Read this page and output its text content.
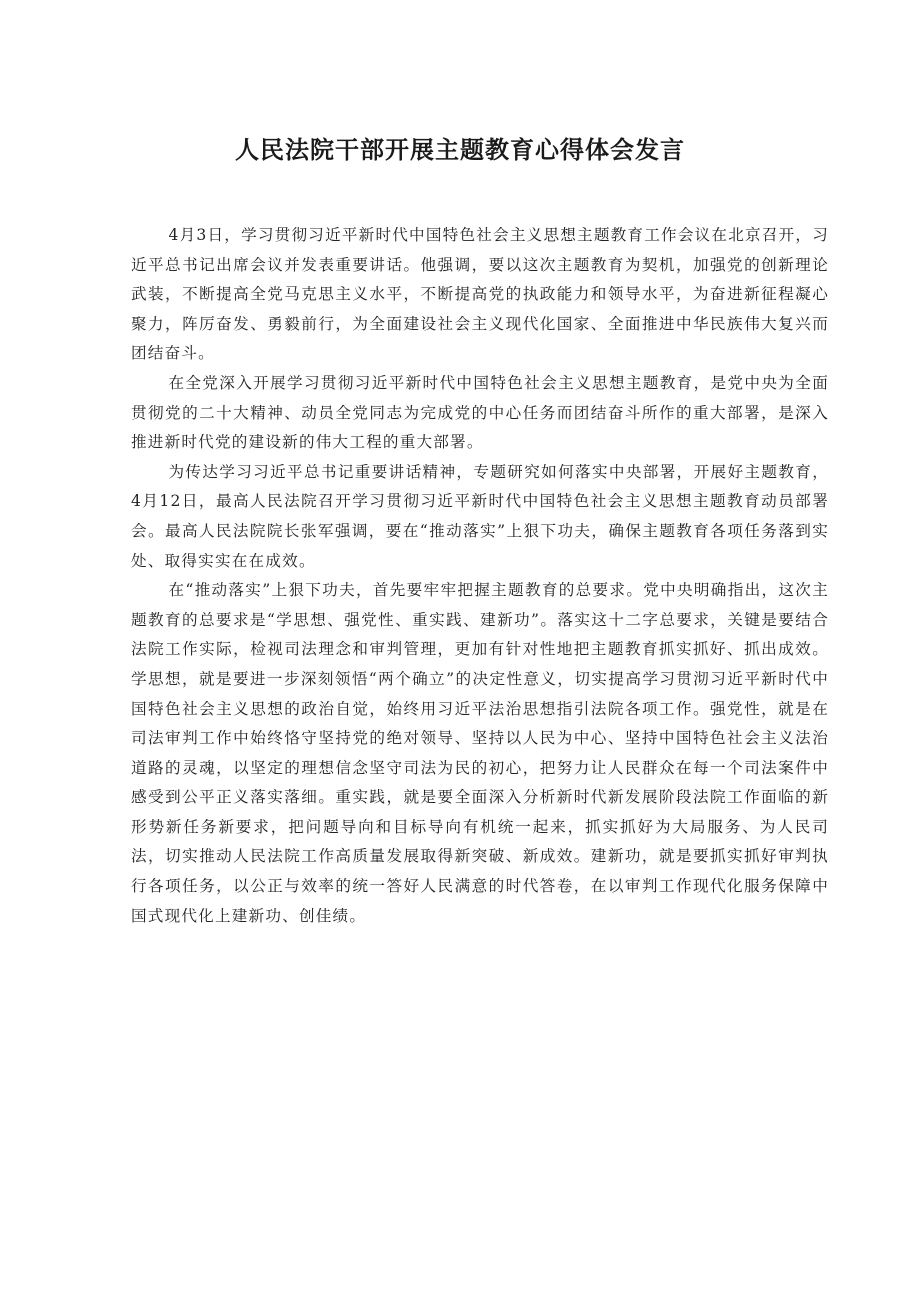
人民法院干部开展主题教育心得体会发言

4月3日，学习贯彻习近平新时代中国特色社会主义思想主题教育工作会议在北京召开，习近平总书记出席会议并发表重要讲话。他强调，要以这次主题教育为契机，加强党的创新理论武装，不断提高全党马克思主义水平，不断提高党的执政能力和领导水平，为奋进新征程凝心聚力，阵厉奋发、勇毅前行，为全面建设社会主义现代化国家、全面推进中华民族伟大复兴而团结奋斗。

在全党深入开展学习贯彻习近平新时代中国特色社会主义思想主题教育，是党中央为全面贯彻党的二十大精神、动员全党同志为完成党的中心任务而团结奋斗所作的重大部署，是深入推进新时代党的建设新的伟大工程的重大部署。

为传达学习习近平总书记重要讲话精神，专题研究如何落实中央部署，开展好主题教育，4月12日，最高人民法院召开学习贯彻习近平新时代中国特色社会主义思想主题教育动员部署会。最高人民法院院长张军强调，要在“推动落实”上狠下功夫，确保主题教育各项任务落到实处、取得实实在在成效。

在“推动落实”上狠下功夫，首先要牢牢把握主题教育的总要求。党中央明确指出，这次主题教育的总要求是“学思想、强党性、重实践、建新功”。落实这十二字总要求，关键是要结合法院工作实际，检视司法理念和审判管理，更加有针对性地把主题教育抓实抓好、抓出成效。学思想，就是要进一步深刻领悟“两个确立”的决定性意义，切实提高学习贯沏习近平新时代中国特色社会主义思想的政治自觉，始终用习近平法治思想指引法院各项工作。强党性，就是在司法审判工作中始终恪守坚持党的绝对领导、坚持以人民为中心、坚持中国特色社会主义法治道路的灵魂，以坚定的理想信念坚守司法为民的初心，把努力让人民群众在每一个司法案件中感受到公平正义落实落细。重实践，就是要全面深入分析新时代新发展阶段法院工作面临的新形势新任务新要求，把问题导向和目标导向有机统一起来，抓实抓好为大局服务、为人民司法，切实推动人民法院工作高质量发展取得新突破、新成效。建新功，就是要抓实抓好审判执行各项任务，以公正与效率的统一答好人民满意的时代答卷，在以审判工作现代化服务保障中国式现代化上建新功、创佳绩。
